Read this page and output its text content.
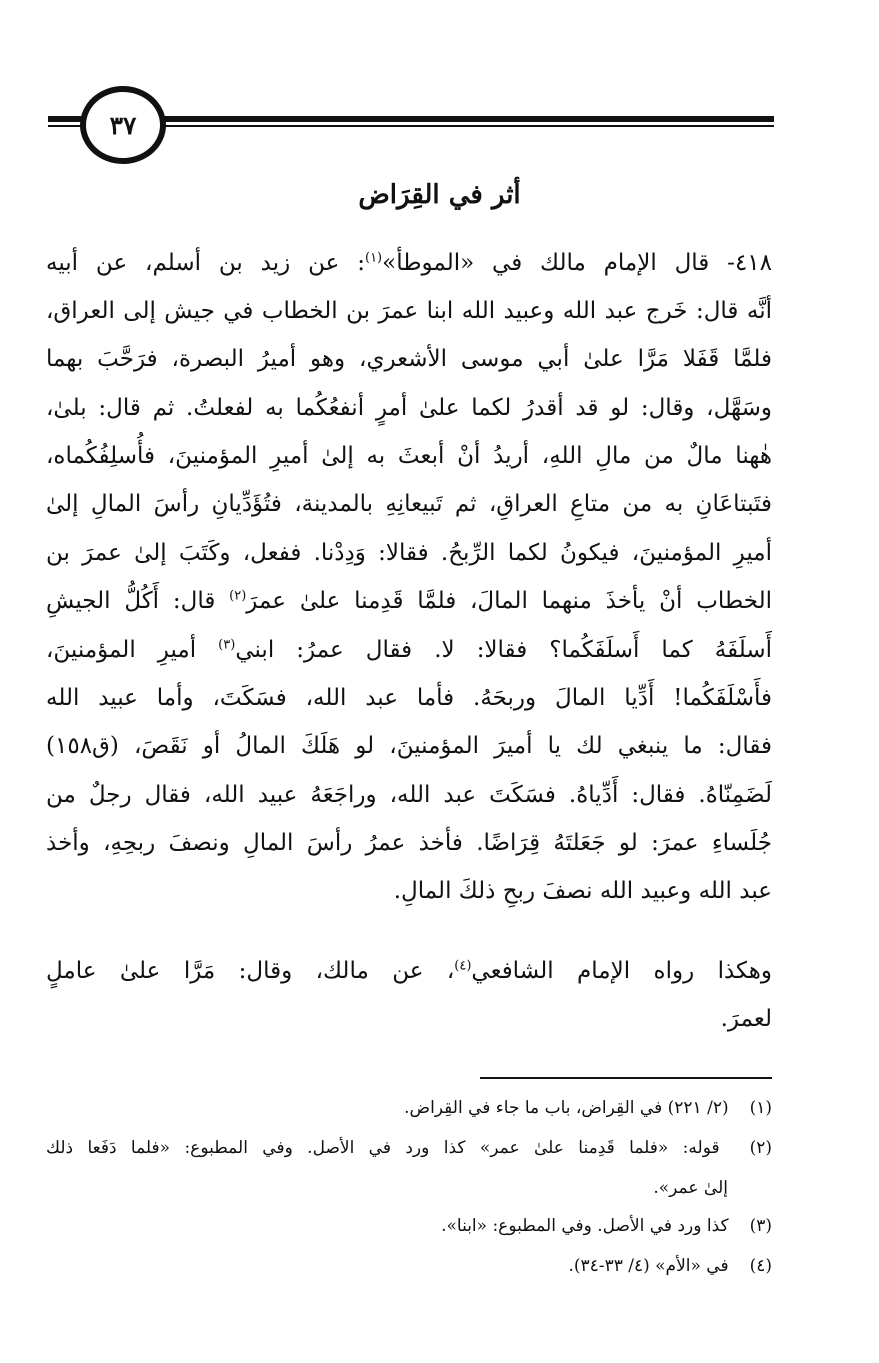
٣٧
أثر في القِرَاض
٤١٨- قال الإمام مالك في «الموطأ»$^{(١)}$: عن زيد بن أسلم، عن أبيه
أنَّه قال: خَرج عبد الله وعبيد الله ابنا عمرَ بن الخطاب في جيش إلى العراق،
فلمَّا قَفَلا مَرَّا علىٰ أبي موسى الأشعري، وهو أميرُ البصرة، فرَحَّبَ بهما
وسَهَّل، وقال: لو قد أقدرُ لكما علىٰ أمرٍ أنفعُكُما به لفعلتُ. ثم قال: بلىٰ،
هٰهنا مالٌ من مالِ اللهِ، أريدُ أنْ أبعثَ به إلىٰ أميرِ المؤمنينَ، فأُسلِفُكُماه،
فتَبتاعَانِ به من متاعِ العراقِ، ثم تَبيعانِهِ بالمدينة، فتُؤَدِّيانِ رأسَ المالِ إلىٰ
أميرِ المؤمنينَ، فيكونُ لكما الرِّبحُ. فقالا: وَدِدْنا. ففعل، وكَتَبَ إلىٰ عمرَ بن
الخطاب أنْ يأخذَ منهما المالَ، فلمَّا قَدِمنا علىٰ عمرَ$^{(٢)}$ قال: أَكُلُّ الجيشِ
أَسلَفَهُ كما أَسلَفَكُما؟ فقالا: لا. فقال عمرُ: ابني$^{(٣)}$ أميرِ المؤمنينَ،
فأَسْلَفَكُما! أَدِّيا المالَ وربحَهُ. فأما عبد الله، فسَكَتَ، وأما عبيد الله
فقال: ما ينبغي لك يا أميرَ المؤمنينَ، لو هَلَكَ المالُ أو نَقَصَ، (ق١٥٨)
لَضَمِنّاهُ. فقال: أَدِّياهُ. فسَكَتَ عبد الله، وراجَعَهُ عبيد الله، فقال رجلٌ من
جُلَساءِ عمرَ: لو جَعَلتَهُ قِرَاضًا. فأخذ عمرُ رأسَ المالِ ونصفَ ربحِهِ، وأخذ
عبد الله وعبيد الله نصفَ ربحِ ذلكَ المالِ.
وهكذا رواه الإمام الشافعي$^{(٤)}$، عن مالك، وقال: مَرَّا علىٰ عاملٍ
لعمرَ.
(١) (٢/ ٢٢١) في القِراض، باب ما جاء في القِراض.
(٢) قوله: «فلما قَدِمنا علىٰ عمر» كذا ورد في الأصل. وفي المطبوع: «فلما دَفَعا ذلك
إلىٰ عمر».
(٣) كذا ورد في الأصل. وفي المطبوع: «ابنا».
(٤) في «الأم» (٤/ ٣٣-٣٤).
